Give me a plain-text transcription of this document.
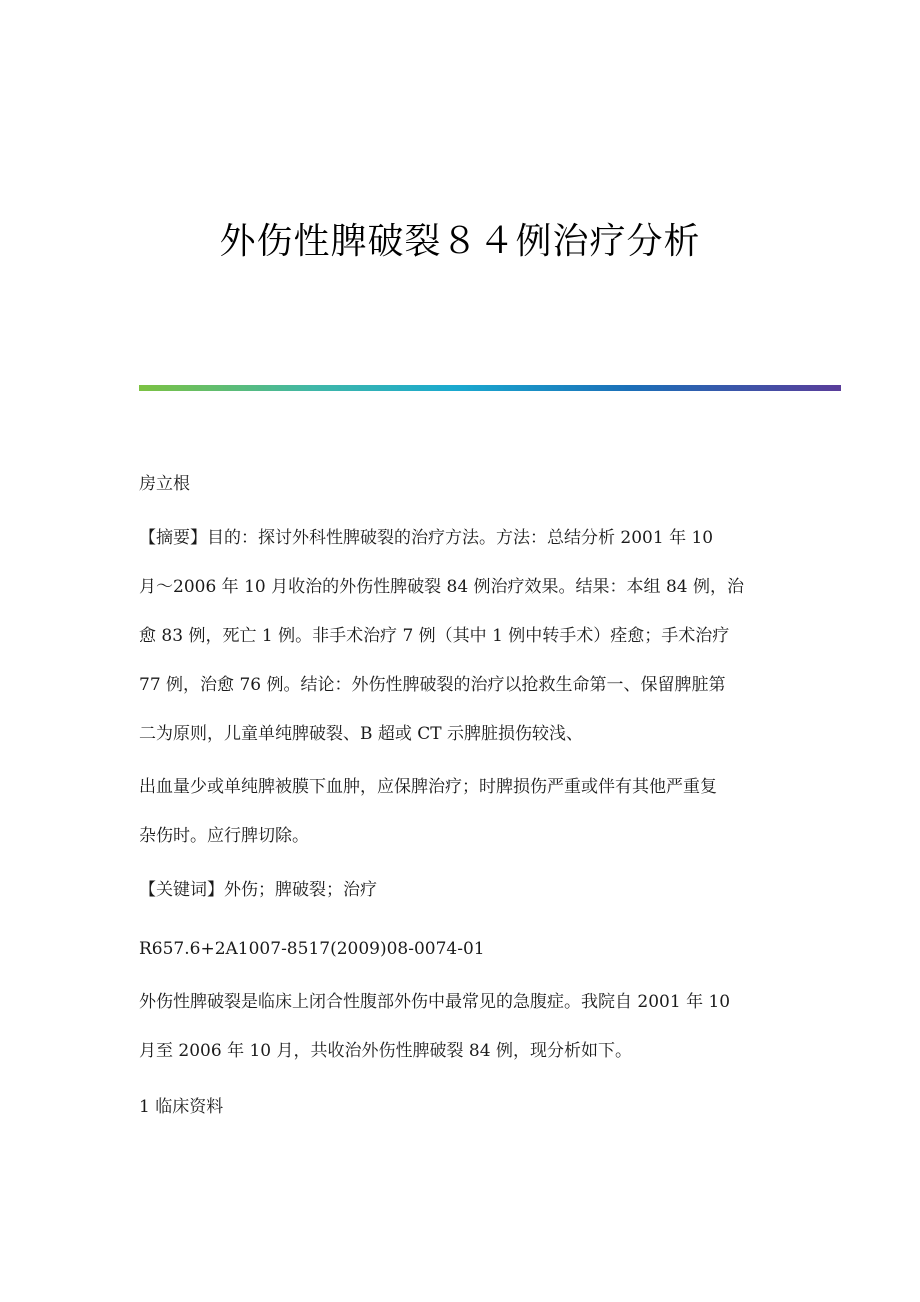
外伤性脾破裂８４例治疗分析

房立根

【摘要】目的：探讨外科性脾破裂的治疗方法。方法：总结分析 2001 年 10
月～2006 年 10 月收治的外伤性脾破裂 84 例治疗效果。结果：本组 84 例，治
愈 83 例，死亡 1 例。非手术治疗 7 例（其中 1 例中转手术）痊愈；手术治疗
77 例，治愈 76 例。结论：外伤性脾破裂的治疗以抢救生命第一、保留脾脏第
二为原则，儿童单纯脾破裂、B 超或 CT 示脾脏损伤较浅、

出血量少或单纯脾被膜下血肿，应保脾治疗；时脾损伤严重或伴有其他严重复
杂伤时。应行脾切除。

【关键词】外伤；脾破裂；治疗

R657.6+2A1007-8517(2009)08-0074-01

外伤性脾破裂是临床上闭合性腹部外伤中最常见的急腹症。我院自 2001 年 10
月至 2006 年 10 月，共收治外伤性脾破裂 84 例，现分析如下。

1 临床资料
